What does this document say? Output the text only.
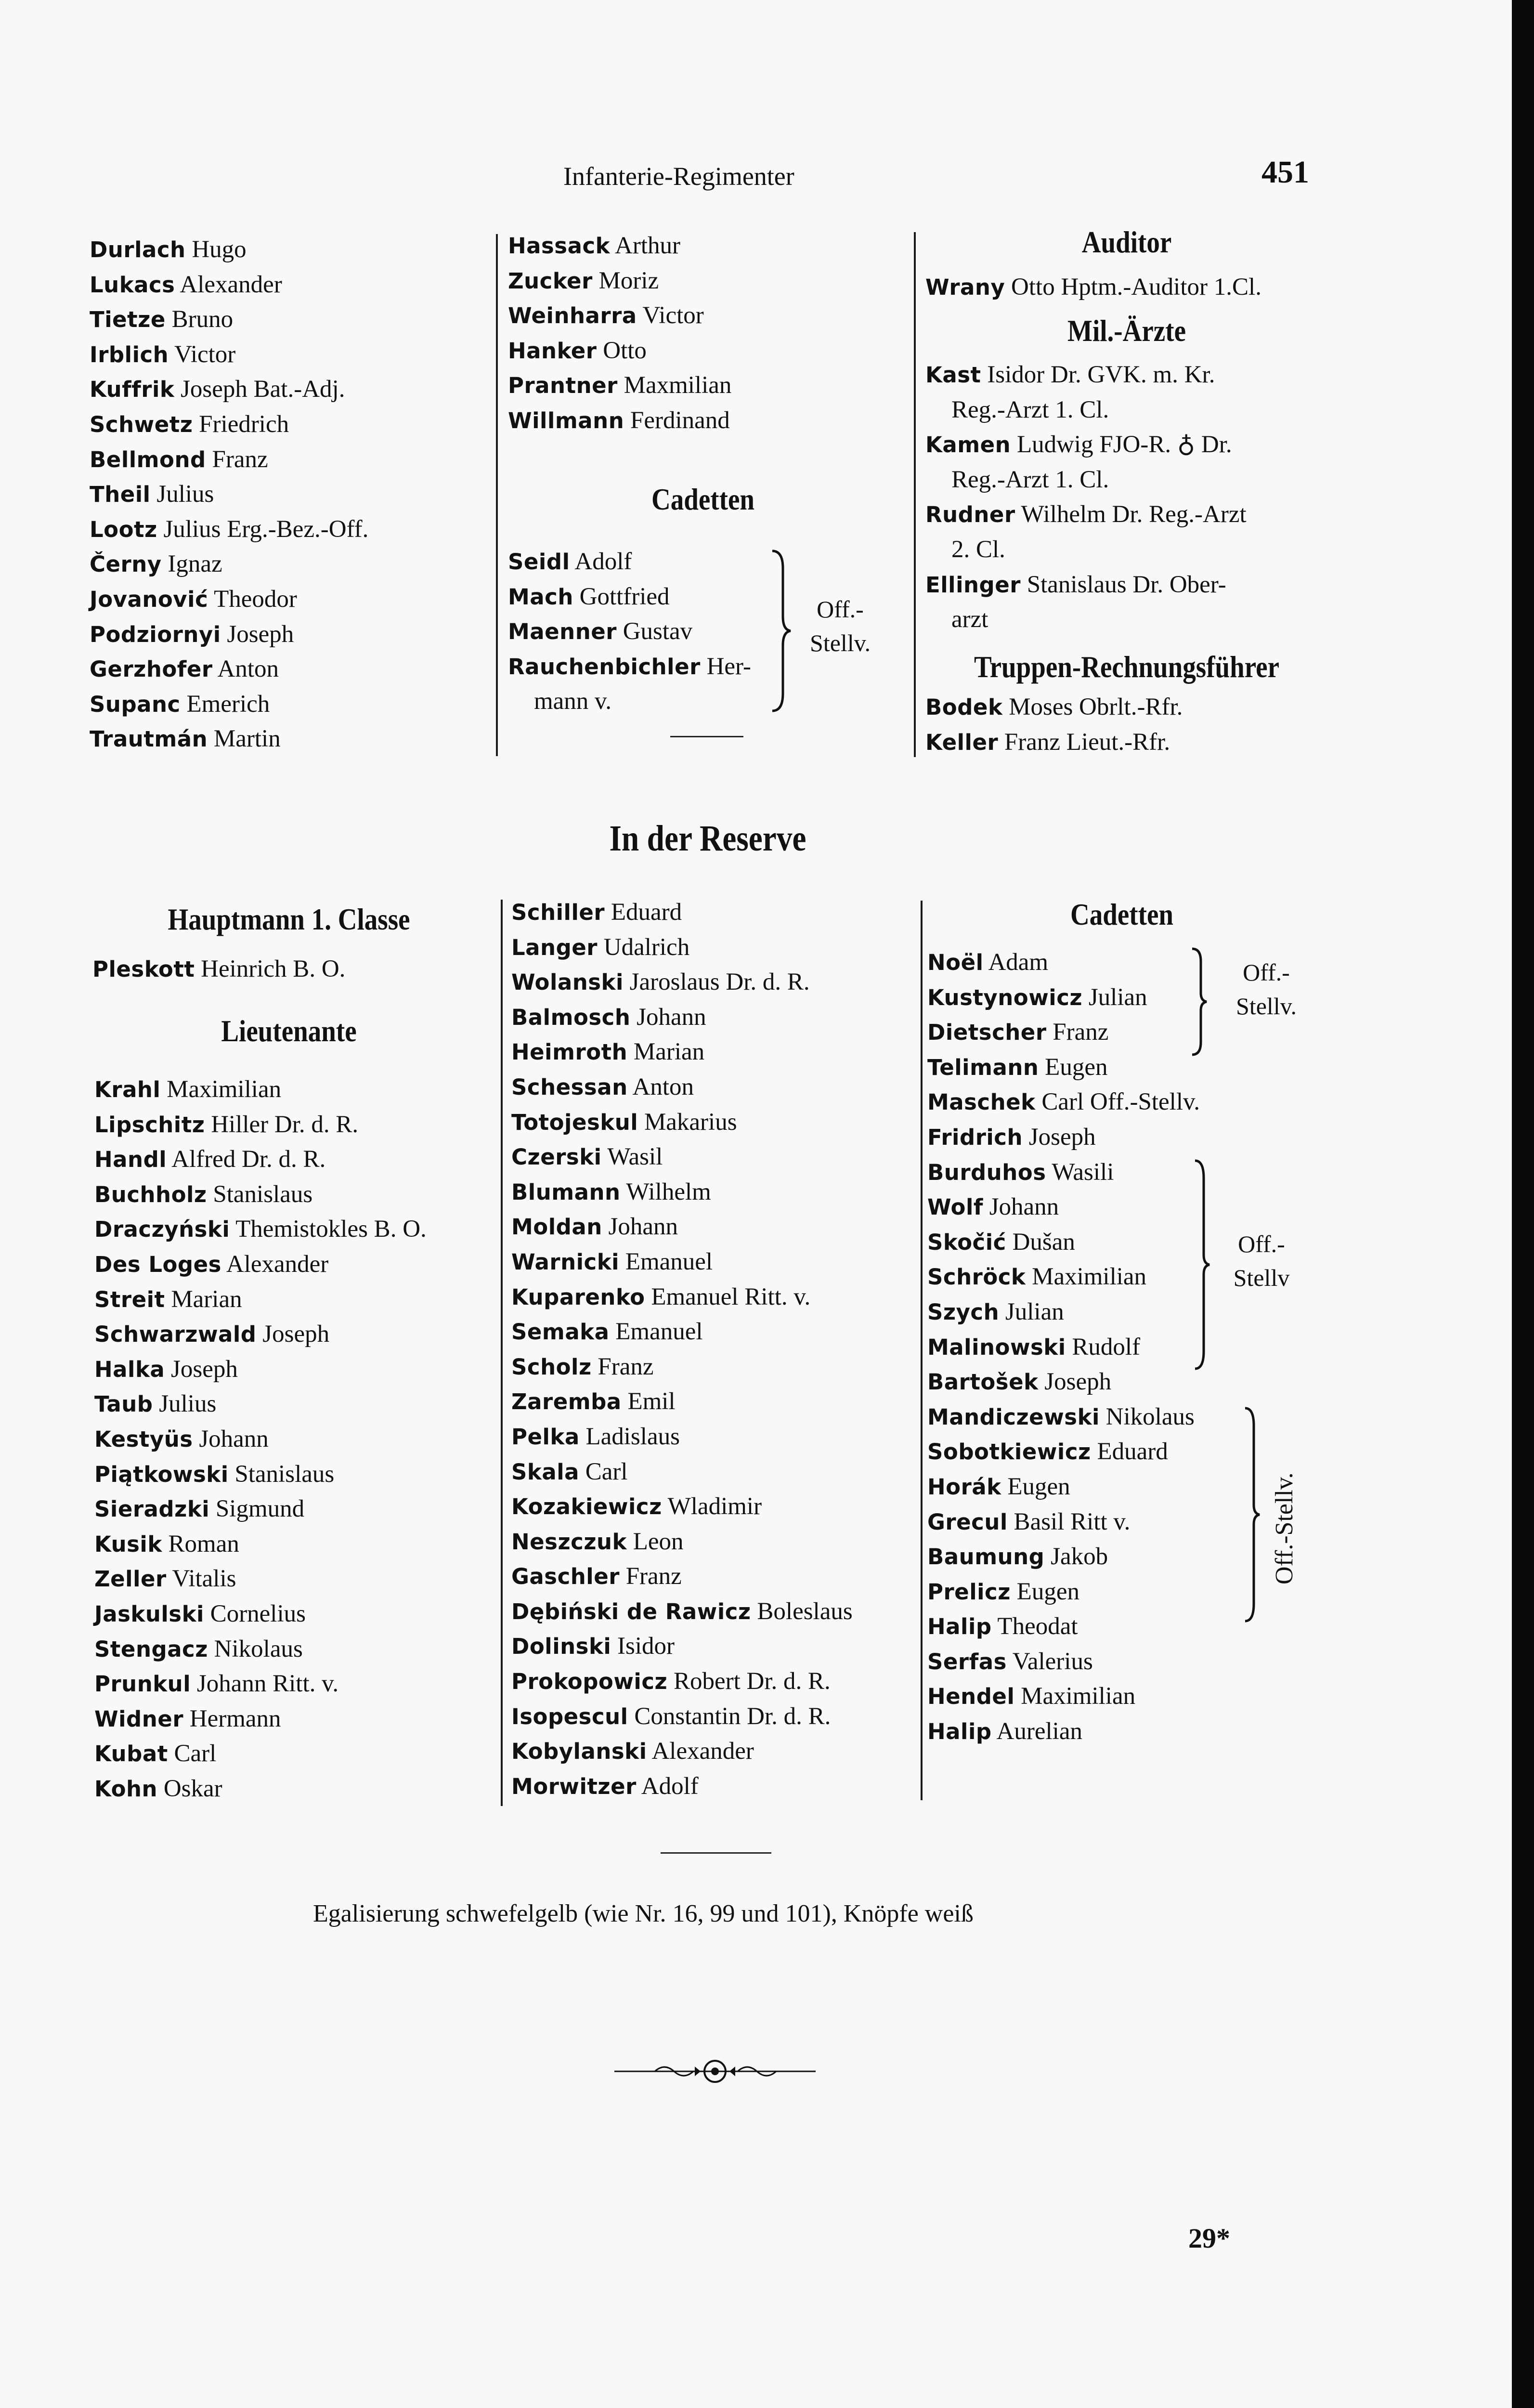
Infanterie-Regimenter	451
Durlach Hugo
Lukacs Alexander
Tietze Bruno
Irblich Victor
Kuffrik Joseph Bat.-Adj.
Schwetz Friedrich
Bellmond Franz
Theil Julius
Lootz Julius Erg.-Bez.-Off.
Černy Ignaz
Jovanović Theodor
Podziornyi Joseph
Gerzhofer Anton
Supanc Emerich
Trautmán Martin
Hassack Arthur
Zucker Moriz
Weinharra Victor
Hanker Otto
Prantner Maxmilian
Willmann Ferdinand
Cadetten
Seidl Adolf
Mach Gottfried
Maenner Gustav
Rauchenbichler Her-
mann v.
Off.-
Stellv.
Auditor
Wrany Otto Hptm.-Auditor 1.Cl.
Mil.-Ärzte
Kast Isidor Dr. GVK. m. Kr.
Reg.-Arzt 1. Cl.
Kamen Ludwig FJO-R. ♁ Dr.
Reg.-Arzt 1. Cl.
Rudner Wilhelm Dr. Reg.-Arzt
2. Cl.
Ellinger Stanislaus Dr. Ober-
arzt
Truppen-Rechnungsführer
Bodek Moses Obrlt.-Rfr.
Keller Franz Lieut.-Rfr.
In der Reserve
Hauptmann 1. Classe
Pleskott Heinrich B. O.
Lieutenante
Krahl Maximilian
Lipschitz Hiller Dr. d. R.
Handl Alfred Dr. d. R.
Buchholz Stanislaus
Draczyński Themistokles B. O.
Des Loges Alexander
Streit Marian
Schwarzwald Joseph
Halka Joseph
Taub Julius
Kestyüs Johann
Piątkowski Stanislaus
Sieradzki Sigmund
Kusik Roman
Zeller Vitalis
Jaskulski Cornelius
Stengacz Nikolaus
Prunkul Johann Ritt. v.
Widner Hermann
Kubat Carl
Kohn Oskar
Schiller Eduard
Langer Udalrich
Wolanski Jaroslaus Dr. d. R.
Balmosch Johann
Heimroth Marian
Schessan Anton
Totojeskul Makarius
Czerski Wasil
Blumann Wilhelm
Moldan Johann
Warnicki Emanuel
Kuparenko Emanuel Ritt. v.
Semaka Emanuel
Scholz Franz
Zaremba Emil
Pelka Ladislaus
Skala Carl
Kozakiewicz Wladimir
Neszczuk Leon
Gaschler Franz
Dębiński de Rawicz Boleslaus
Dolinski Isidor
Prokopowicz Robert Dr. d. R.
Isopescul Constantin Dr. d. R.
Kobylanski Alexander
Morwitzer Adolf
Cadetten
Noël Adam
Kustynowicz Julian
Dietscher Franz
Telimann Eugen
Maschek Carl Off.-Stellv.
Fridrich Joseph
Burduhos Wasili
Wolf Johann
Skočić Dušan
Schröck Maximilian
Szych Julian
Malinowski Rudolf
Bartošek Joseph
Mandiczewski Nikolaus
Sobotkiewicz Eduard
Horák Eugen
Grecul Basil Ritt v.
Baumung Jakob
Prelicz Eugen
Halip Theodat
Serfas Valerius
Hendel Maximilian
Halip Aurelian
Off.-
Stellv.
Off.-
Stellv
Off.-Stellv.
Egalisierung schwefelgelb (wie Nr. 16, 99 und 101), Knöpfe weiß
29*
